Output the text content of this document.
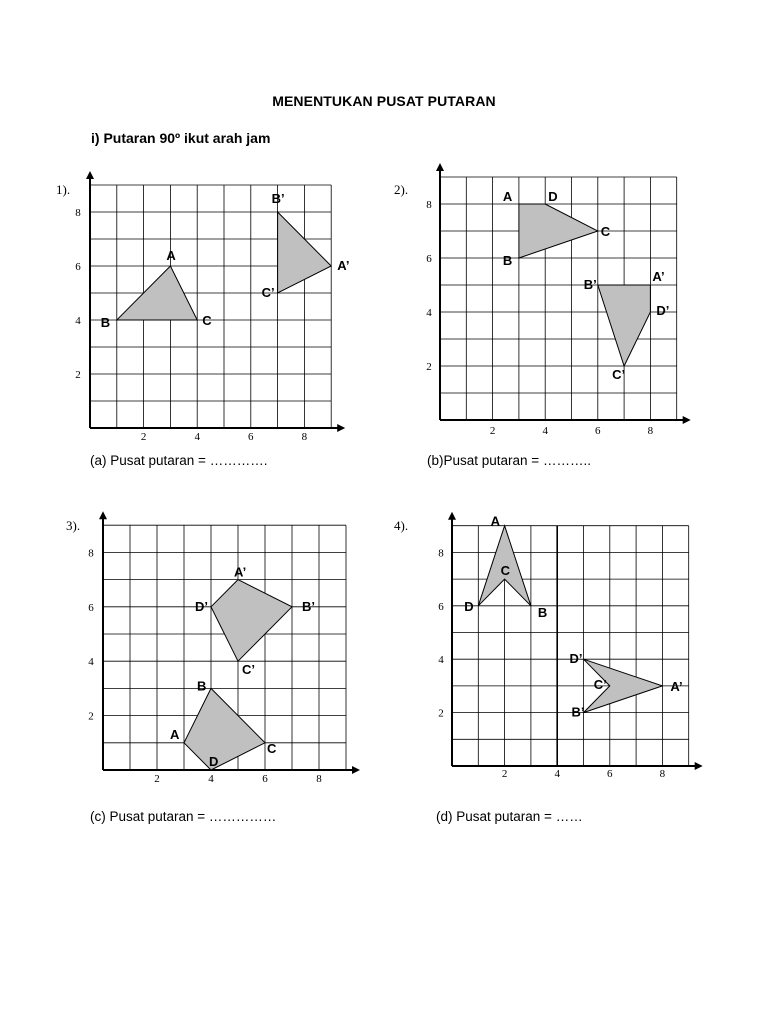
MENENTUKAN PUSAT PUTARAN
i) Putaran 90º ikut arah jam
1).
2	4	6	8
2
4
6
8
A
B	C
B’
A’
C’
(a) Pusat putaran = ………….
2).
2	4	6	8
2
4
6
8
A	D
C
B
B’
A’
D’
C’
(b)Pusat putaran = ………..
3).
2	4	6	8
2
4
6
8
A
B
C
D
A’
B’
C’
D’
(c) Pusat putaran = ……………
4).
2	4	6	8
2
4
6
8
A
B
C
D
A’
B’
C’
D’
(d) Pusat putaran = ……
